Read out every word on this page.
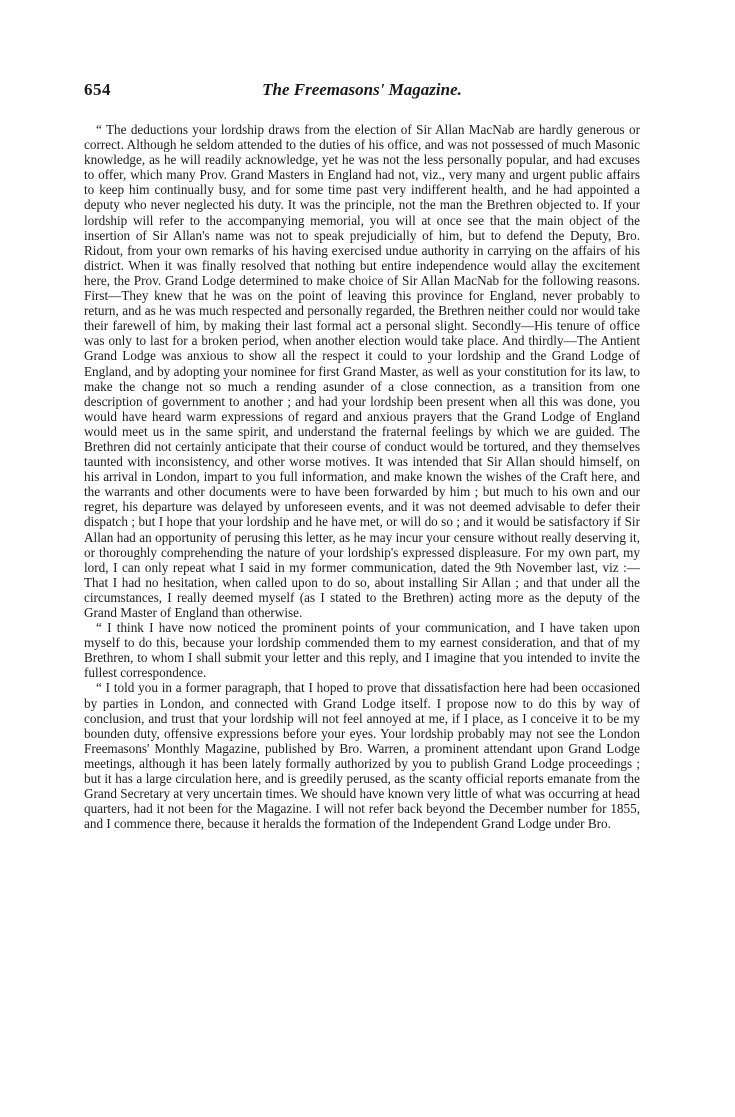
654	The Freemasons' Magazine.

“ The deductions your lordship draws from the election of Sir Allan MacNab are hardly generous or correct. Although he seldom attended to the duties of his office, and was not possessed of much Masonic knowledge, as he will readily acknowledge, yet he was not the less personally popular, and had excuses to offer, which many Prov. Grand Masters in England had not, viz., very many and urgent public affairs to keep him continually busy, and for some time past very indifferent health, and he had appointed a deputy who never neglected his duty. It was the principle, not the man the Brethren objected to. If your lordship will refer to the accompanying memorial, you will at once see that the main object of the insertion of Sir Allan's name was not to speak prejudicially of him, but to defend the Deputy, Bro. Ridout, from your own remarks of his having exercised undue authority in carrying on the affairs of his district. When it was finally resolved that nothing but entire independence would allay the excitement here, the Prov. Grand Lodge determined to make choice of Sir Allan MacNab for the following reasons. First—They knew that he was on the point of leaving this province for England, never probably to return, and as he was much respected and personally regarded, the Brethren neither could nor would take their farewell of him, by making their last formal act a personal slight. Secondly—His tenure of office was only to last for a broken period, when another election would take place. And thirdly—The Antient Grand Lodge was anxious to show all the respect it could to your lordship and the Grand Lodge of England, and by adopting your nominee for first Grand Master, as well as your constitution for its law, to make the change not so much a rending asunder of a close connection, as a transition from one description of government to another ; and had your lordship been present when all this was done, you would have heard warm expressions of regard and anxious prayers that the Grand Lodge of England would meet us in the same spirit, and understand the fraternal feelings by which we are guided. The Brethren did not certainly anticipate that their course of conduct would be tortured, and they themselves taunted with inconsistency, and other worse motives. It was intended that Sir Allan should himself, on his arrival in London, impart to you full information, and make known the wishes of the Craft here, and the warrants and other documents were to have been forwarded by him ; but much to his own and our regret, his departure was delayed by unforeseen events, and it was not deemed advisable to defer their dispatch ; but I hope that your lordship and he have met, or will do so ; and it would be satisfactory if Sir Allan had an opportunity of perusing this letter, as he may incur your censure without really deserving it, or thoroughly comprehending the nature of your lordship's expressed displeasure. For my own part, my lord, I can only repeat what I said in my former communication, dated the 9th November last, viz :—That I had no hesitation, when called upon to do so, about installing Sir Allan ; and that under all the circumstances, I really deemed myself (as I stated to the Brethren) acting more as the deputy of the Grand Master of England than otherwise.

“ I think I have now noticed the prominent points of your communication, and I have taken upon myself to do this, because your lordship commended them to my earnest consideration, and that of my Brethren, to whom I shall submit your letter and this reply, and I imagine that you intended to invite the fullest correspondence.

“ I told you in a former paragraph, that I hoped to prove that dissatisfaction here had been occasioned by parties in London, and connected with Grand Lodge itself. I propose now to do this by way of conclusion, and trust that your lordship will not feel annoyed at me, if I place, as I conceive it to be my bounden duty, offensive expressions before your eyes. Your lordship probably may not see the London Freemasons' Monthly Magazine, published by Bro. Warren, a prominent attendant upon Grand Lodge meetings, although it has been lately formally authorized by you to publish Grand Lodge proceedings ; but it has a large circulation here, and is greedily perused, as the scanty official reports emanate from the Grand Secretary at very uncertain times. We should have known very little of what was occurring at head quarters, had it not been for the Magazine. I will not refer back beyond the December number for 1855, and I commence there, because it heralds the formation of the Independent Grand Lodge under Bro.
